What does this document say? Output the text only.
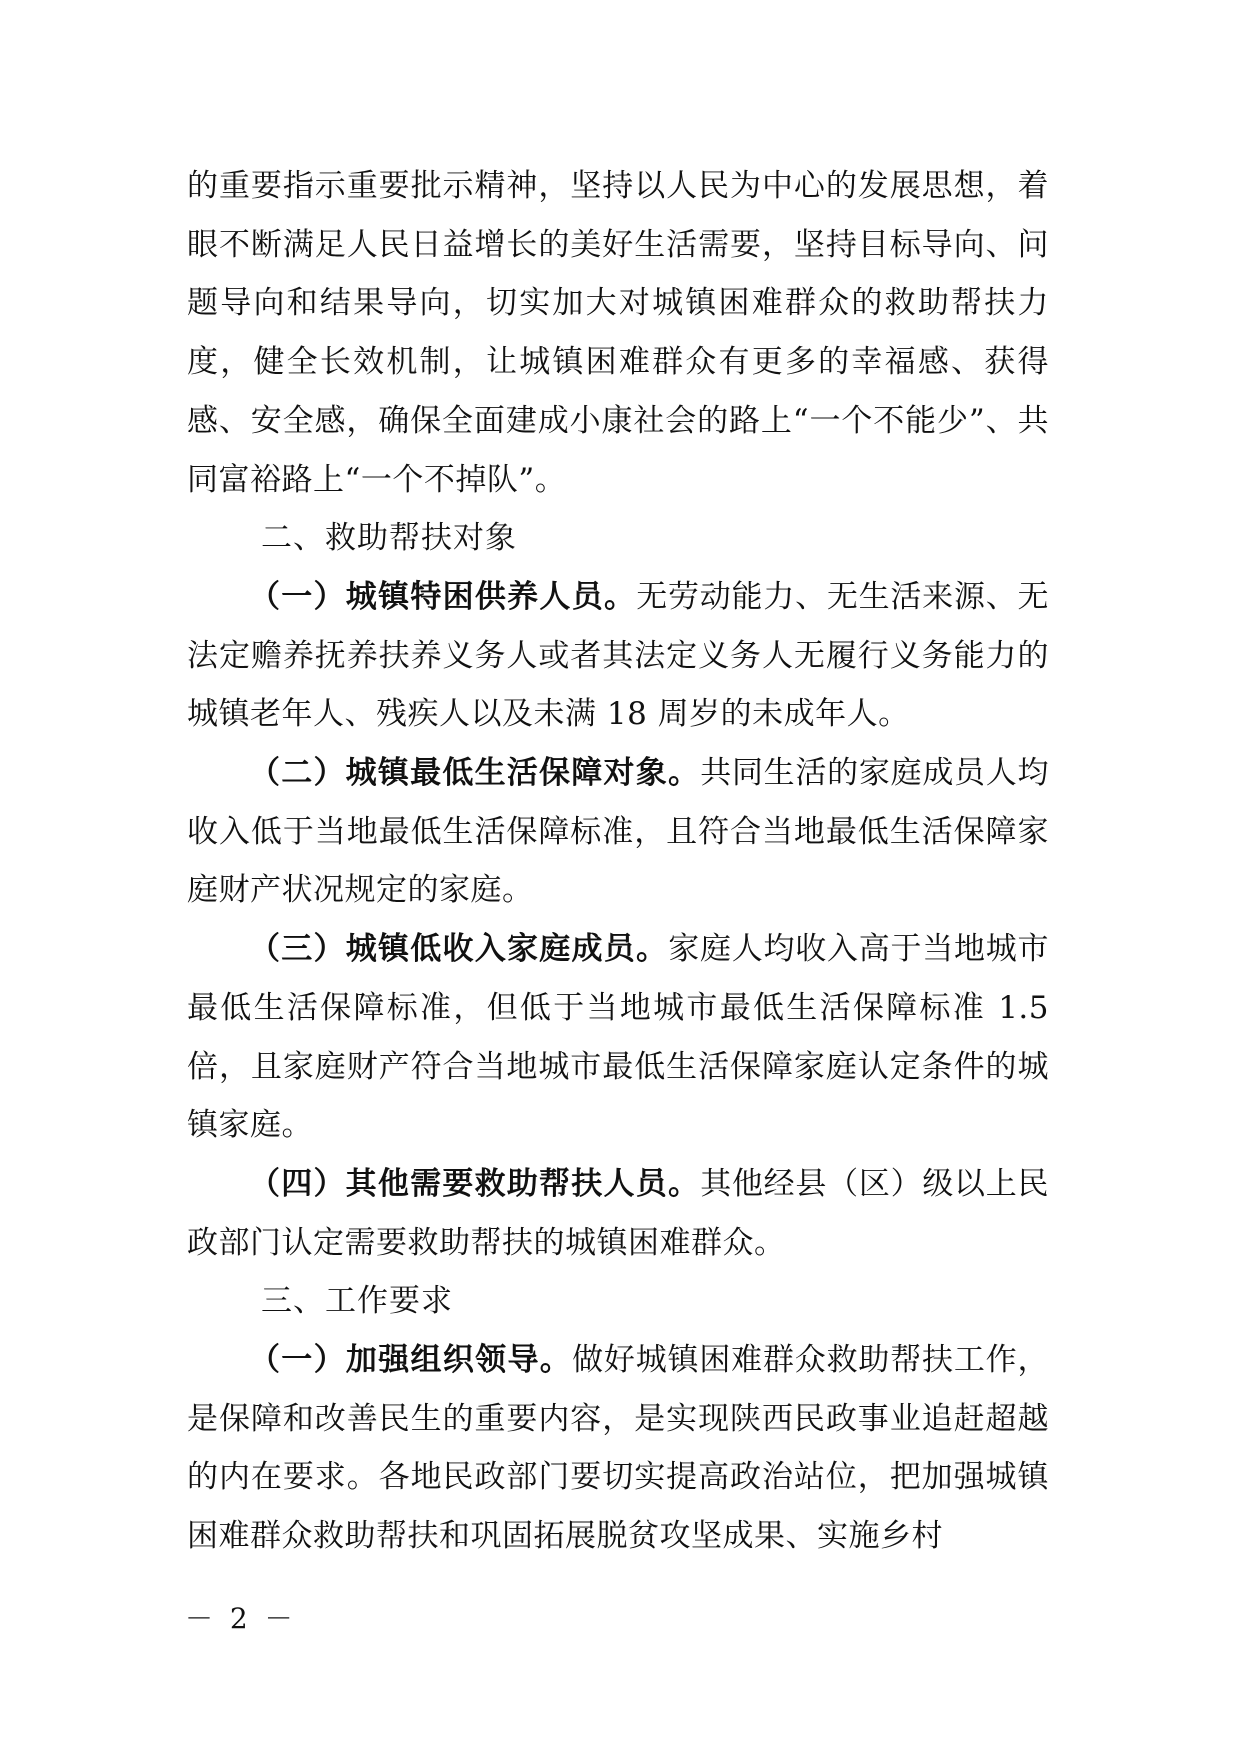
的重要指示重要批示精神，坚持以人民为中心的发展思想，着眼不断满足人民日益增长的美好生活需要，坚持目标导向、问题导向和结果导向，切实加大对城镇困难群众的救助帮扶力度，健全长效机制，让城镇困难群众有更多的幸福感、获得感、安全感，确保全面建成小康社会的路上“一个不能少”、共同富裕路上“一个不掉队”。

二、救助帮扶对象

（一）城镇特困供养人员。无劳动能力、无生活来源、无法定赡养抚养扶养义务人或者其法定义务人无履行义务能力的城镇老年人、残疾人以及未满 18 周岁的未成年人。

（二）城镇最低生活保障对象。共同生活的家庭成员人均收入低于当地最低生活保障标准，且符合当地最低生活保障家庭财产状况规定的家庭。

（三）城镇低收入家庭成员。家庭人均收入高于当地城市最低生活保障标准，但低于当地城市最低生活保障标准 1.5 倍，且家庭财产符合当地城市最低生活保障家庭认定条件的城镇家庭。

（四）其他需要救助帮扶人员。其他经县（区）级以上民政部门认定需要救助帮扶的城镇困难群众。

三、工作要求

（一）加强组织领导。做好城镇困难群众救助帮扶工作，是保障和改善民生的重要内容，是实现陕西民政事业追赶超越的内在要求。各地民政部门要切实提高政治站位，把加强城镇困难群众救助帮扶和巩固拓展脱贫攻坚成果、实施乡村

－ 2 －
